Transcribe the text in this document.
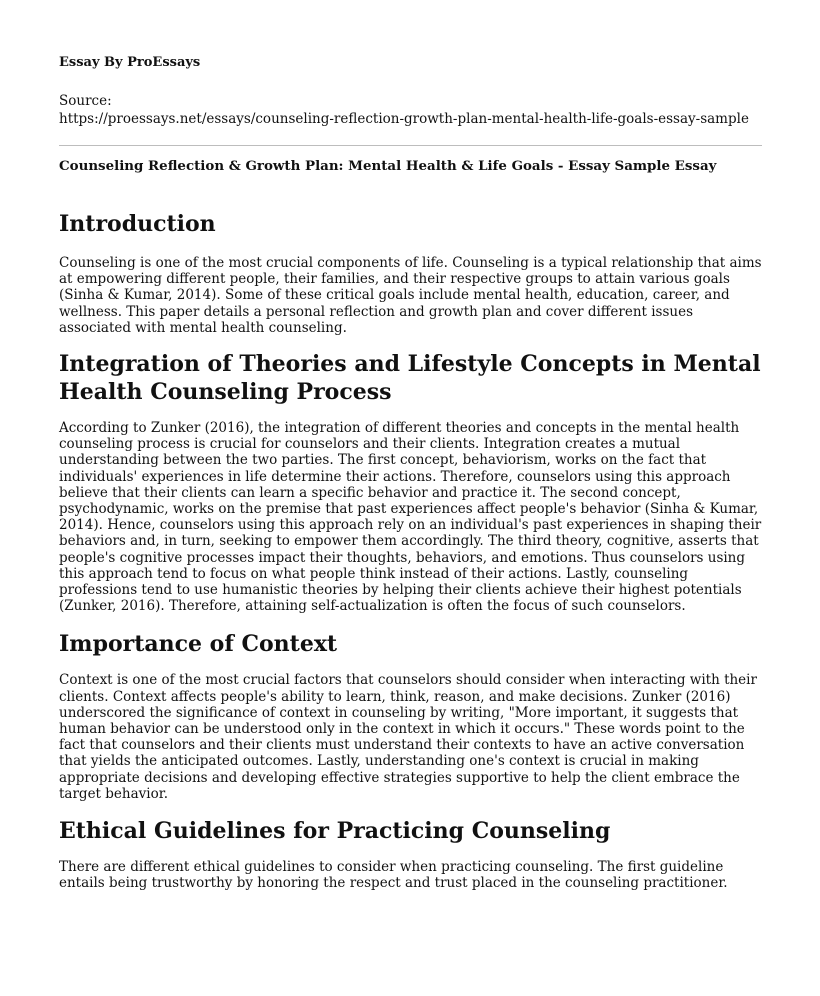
Essay By ProEssays
Source:
https://proessays.net/essays/counseling-reflection-growth-plan-mental-health-life-goals-essay-sample
Counseling Reflection & Growth Plan: Mental Health & Life Goals - Essay Sample Essay
Introduction

Counseling is one of the most crucial components of life. Counseling is a typical relationship that aims at empowering different people, their families, and their respective groups to attain various goals (Sinha & Kumar, 2014). Some of these critical goals include mental health, education, career, and wellness. This paper details a personal reflection and growth plan and cover different issues associated with mental health counseling.

Integration of Theories and Lifestyle Concepts in Mental Health Counseling Process

According to Zunker (2016), the integration of different theories and concepts in the mental health counseling process is crucial for counselors and their clients. Integration creates a mutual understanding between the two parties. The first concept, behaviorism, works on the fact that individuals' experiences in life determine their actions. Therefore, counselors using this approach believe that their clients can learn a specific behavior and practice it. The second concept, psychodynamic, works on the premise that past experiences affect people's behavior (Sinha & Kumar, 2014). Hence, counselors using this approach rely on an individual's past experiences in shaping their behaviors and, in turn, seeking to empower them accordingly. The third theory, cognitive, asserts that people's cognitive processes impact their thoughts, behaviors, and emotions. Thus counselors using this approach tend to focus on what people think instead of their actions. Lastly, counseling professions tend to use humanistic theories by helping their clients achieve their highest potentials (Zunker, 2016). Therefore, attaining self-actualization is often the focus of such counselors.

Importance of Context

Context is one of the most crucial factors that counselors should consider when interacting with their clients. Context affects people's ability to learn, think, reason, and make decisions. Zunker (2016) underscored the significance of context in counseling by writing, "More important, it suggests that human behavior can be understood only in the context in which it occurs." These words point to the fact that counselors and their clients must understand their contexts to have an active conversation that yields the anticipated outcomes. Lastly, understanding one's context is crucial in making appropriate decisions and developing effective strategies supportive to help the client embrace the target behavior.

Ethical Guidelines for Practicing Counseling

There are different ethical guidelines to consider when practicing counseling. The first guideline entails being trustworthy by honoring the respect and trust placed in the counseling practitioner.
